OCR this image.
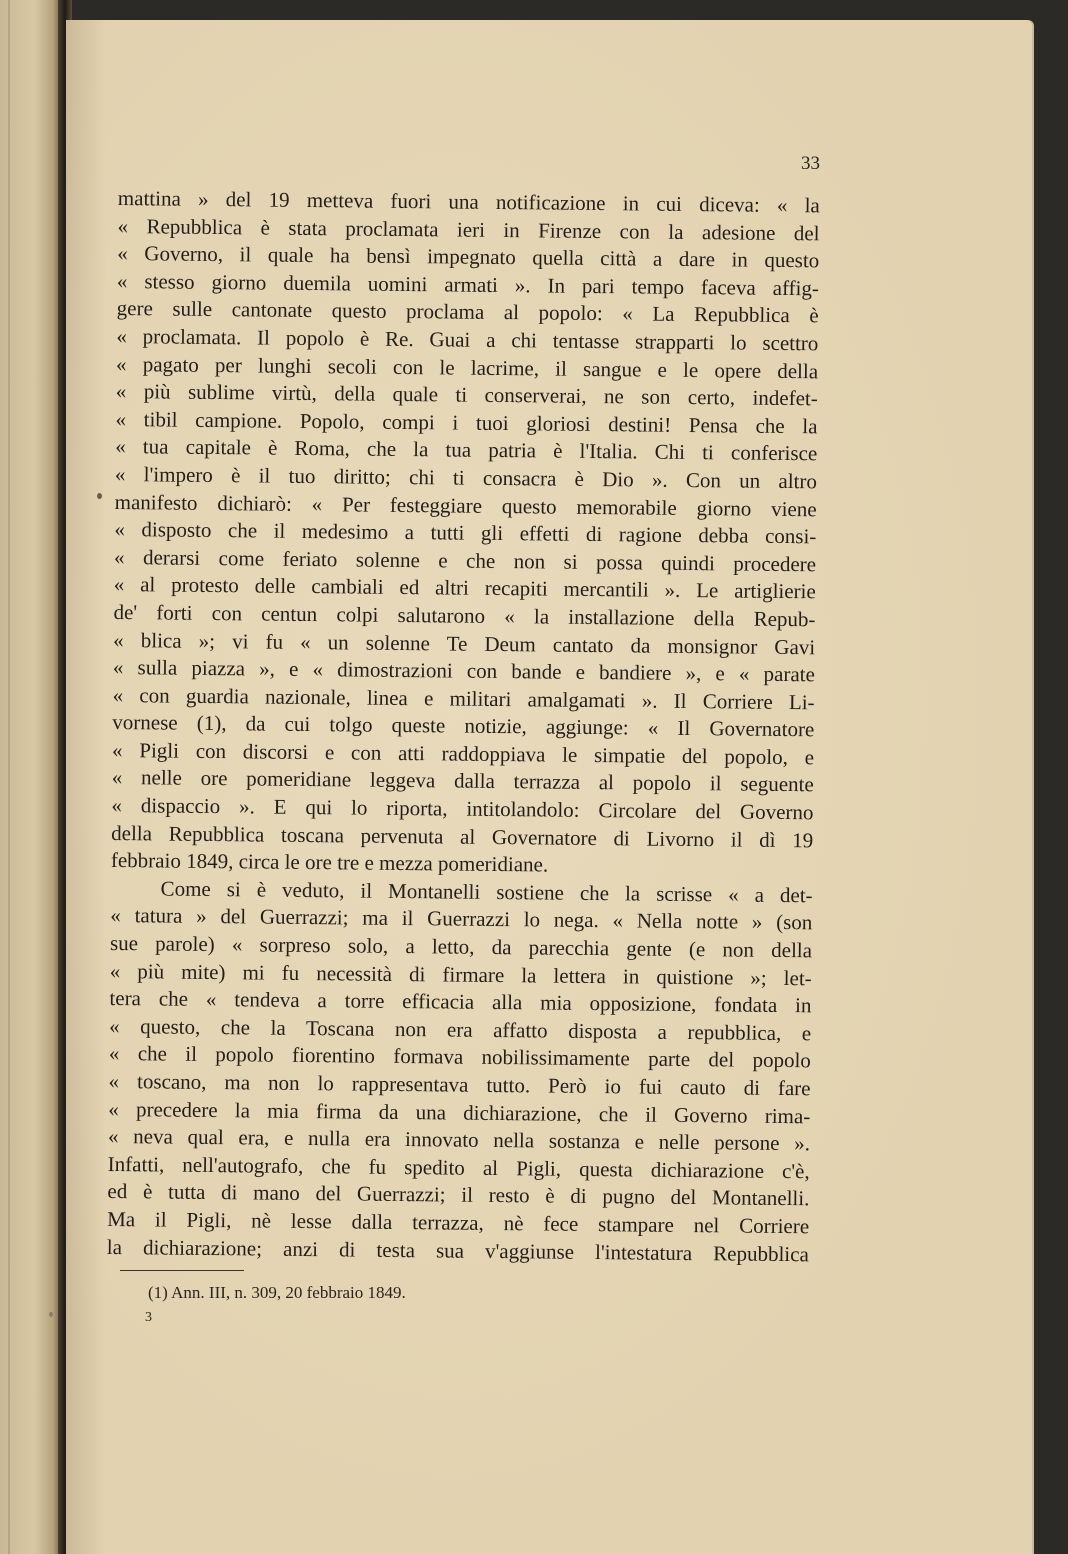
33
mattina » del 19 metteva fuori una notificazione in cui diceva: « la
« Repubblica è stata proclamata ieri in Firenze con la adesione del
« Governo, il quale ha bensì impegnato quella città a dare in questo
« stesso giorno duemila uomini armati ». In pari tempo faceva affig-
gere sulle cantonate questo proclama al popolo: « La Repubblica è
« proclamata. Il popolo è Re. Guai a chi tentasse strapparti lo scettro
« pagato per lunghi secoli con le lacrime, il sangue e le opere della
« più sublime virtù, della quale ti conserverai, ne son certo, indefet-
« tibil campione. Popolo, compi i tuoi gloriosi destini! Pensa che la
« tua capitale è Roma, che la tua patria è l'Italia. Chi ti conferisce
« l'impero è il tuo diritto; chi ti consacra è Dio ». Con un altro
manifesto dichiarò: « Per festeggiare questo memorabile giorno viene
« disposto che il medesimo a tutti gli effetti di ragione debba consi-
« derarsi come feriato solenne e che non si possa quindi procedere
« al protesto delle cambiali ed altri recapiti mercantili ». Le artiglierie
de' forti con centun colpi salutarono « la installazione della Repub-
« blica »; vi fu « un solenne Te Deum cantato da monsignor Gavi
« sulla piazza », e « dimostrazioni con bande e bandiere », e « parate
« con guardia nazionale, linea e militari amalgamati ». Il Corriere Li-
vornese (1), da cui tolgo queste notizie, aggiunge: « Il Governatore
« Pigli con discorsi e con atti raddoppiava le simpatie del popolo, e
« nelle ore pomeridiane leggeva dalla terrazza al popolo il seguente
« dispaccio ». E qui lo riporta, intitolandolo: Circolare del Governo
della Repubblica toscana pervenuta al Governatore di Livorno il dì 19
febbraio 1849, circa le ore tre e mezza pomeridiane.
Come si è veduto, il Montanelli sostiene che la scrisse « a det-
« tatura » del Guerrazzi; ma il Guerrazzi lo nega. « Nella notte » (son
sue parole) « sorpreso solo, a letto, da parecchia gente (e non della
« più mite) mi fu necessità di firmare la lettera in quistione »; let-
tera che « tendeva a torre efficacia alla mia opposizione, fondata in
« questo, che la Toscana non era affatto disposta a repubblica, e
« che il popolo fiorentino formava nobilissimamente parte del popolo
« toscano, ma non lo rappresentava tutto. Però io fui cauto di fare
« precedere la mia firma da una dichiarazione, che il Governo rima-
« neva qual era, e nulla era innovato nella sostanza e nelle persone ».
Infatti, nell'autografo, che fu spedito al Pigli, questa dichiarazione c'è,
ed è tutta di mano del Guerrazzi; il resto è di pugno del Montanelli.
Ma il Pigli, nè lesse dalla terrazza, nè fece stampare nel Corriere
la dichiarazione; anzi di testa sua v'aggiunse l'intestatura Repubblica
(1) Ann. III, n. 309, 20 febbraio 1849.
3
